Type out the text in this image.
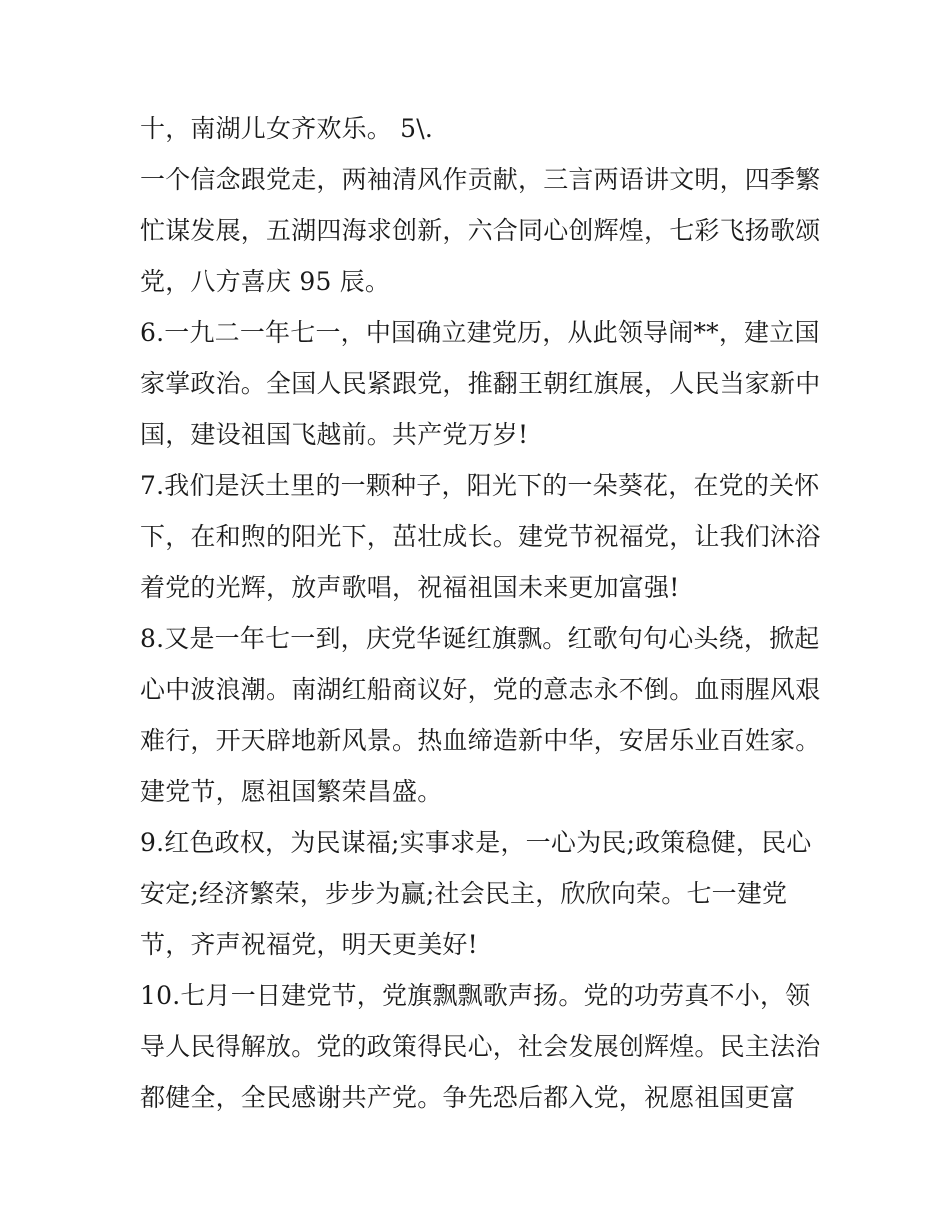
十，南湖儿女齐欢乐。 5\.
一个信念跟党走，两袖清风作贡献，三言两语讲文明，四季繁
忙谋发展，五湖四海求创新，六合同心创辉煌，七彩飞扬歌颂
党，八方喜庆 95 辰。
6.一九二一年七一，中国确立建党历，从此领导闹**，建立国
家掌政治。全国人民紧跟党，推翻王朝红旗展，人民当家新中
国，建设祖国飞越前。共产党万岁!
7.我们是沃土里的一颗种子，阳光下的一朵葵花，在党的关怀
下，在和煦的阳光下，茁壮成长。建党节祝福党，让我们沐浴
着党的光辉，放声歌唱，祝福祖国未来更加富强!
8.又是一年七一到，庆党华诞红旗飘。红歌句句心头绕，掀起
心中波浪潮。南湖红船商议好，党的意志永不倒。血雨腥风艰
难行，开天辟地新风景。热血缔造新中华，安居乐业百姓家。
建党节，愿祖国繁荣昌盛。
9.红色政权，为民谋福;实事求是，一心为民;政策稳健，民心
安定;经济繁荣，步步为赢;社会民主，欣欣向荣。七一建党
节，齐声祝福党，明天更美好!
10.七月一日建党节，党旗飘飘歌声扬。党的功劳真不小，领
导人民得解放。党的政策得民心，社会发展创辉煌。民主法治
都健全，全民感谢共产党。争先恐后都入党，祝愿祖国更富
